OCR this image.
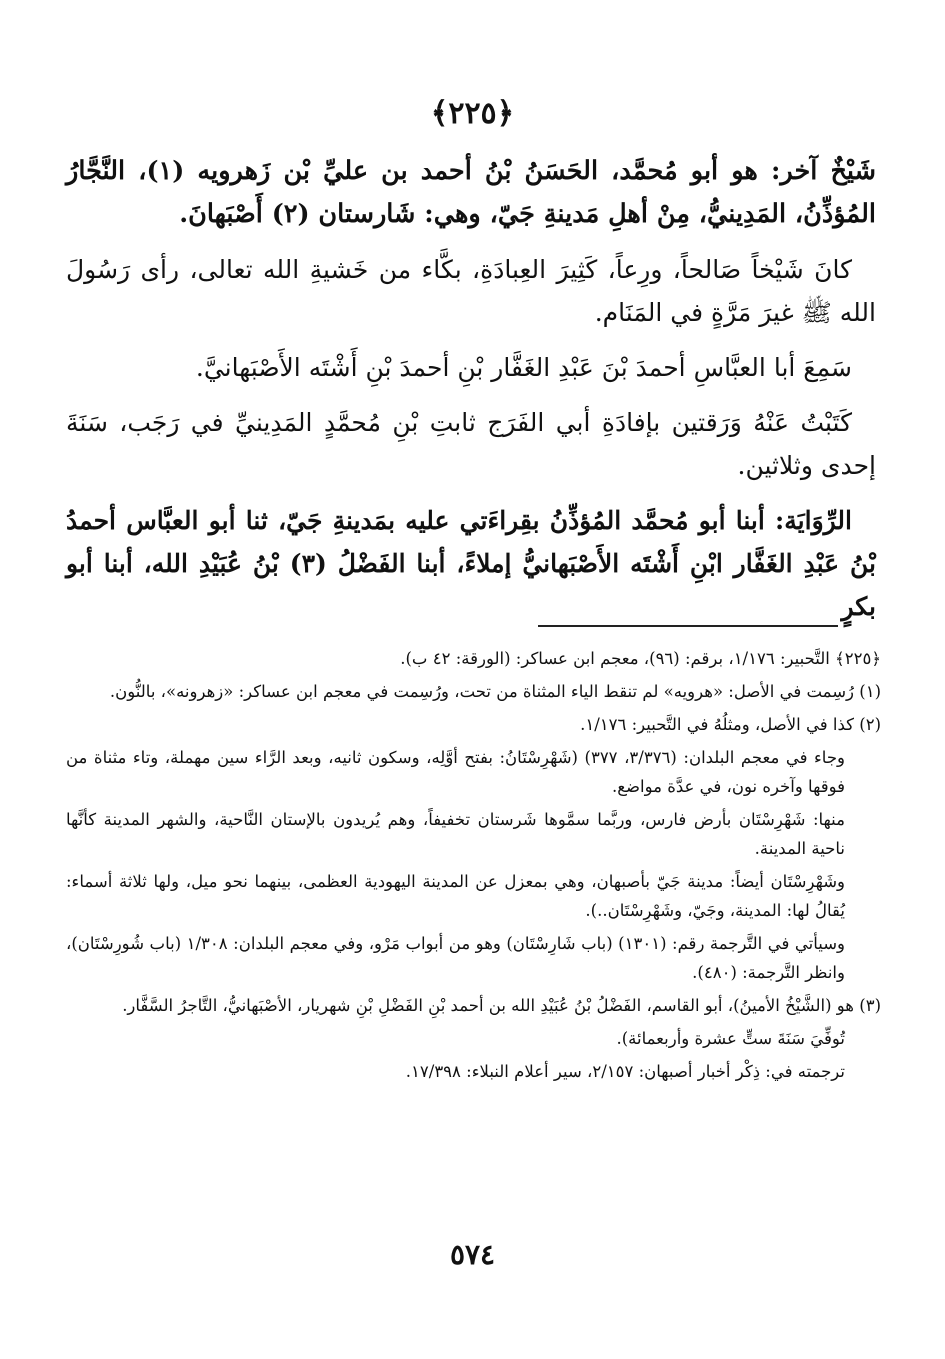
﴿٢٢٥﴾

شَيْخٌ آخر: هو أبو مُحمَّد، الحَسَنُ بْنُ أحمد بن عليِّ بْن زَهرويه (١)، النَّجَّارُ المُؤذِّنُ، المَدِينيُّ، مِنْ أهلِ مَدينةِ جَيّ، وهي: شَارستان (٢) أَصْبَهانَ.

كانَ شَيْخاً صَالحاً، ورِعاً، كَثِيرَ العِبادَةِ، بكَّاء من خَشيةِ الله تعالى، رأى رَسُولَ الله ﷺ غيرَ مَرَّةٍ في المَنَام.

سَمِعَ أبا العبَّاسِ أحمدَ بْنَ عَبْدِ الغَفَّار بْنِ أحمدَ بْنِ أَشْتَه الأَصْبَهانيَّ.

كَتَبْتُ عَنْهُ وَرَقتين بإفادَةِ أبي الفَرَج ثابتِ بْنِ مُحمَّدٍ المَدِينيِّ في رَجَب، سَنَةَ إحدى وثلاثين.

الرِّوَايَة: أبنا أبو مُحمَّد المُؤذِّنُ بقِراءَتي عليه بمَدينةِ جَيّ، ثنا أبو العبَّاس أحمدُ بْنُ عَبْدِ الغَفَّار ابْنِ أَشْتَه الأَصْبَهانيُّ إملاءً، أبنا الفَضْلُ (٣) بْنُ عُبَيْدِ الله، أبنا أبو بكرٍ

﴿٢٢٥﴾ التَّحبير: ١/١٧٦، برقم: (٩٦)، معجم ابن عساكر: (الورقة: ٤٢ ب).

(١) رُسِمت في الأصل: «هرويه» لم تنقط الياء المثناة من تحت، ورُسِمت في معجم ابن عساكر: «زهرونه»، بالنُّون.

(٢) كذا في الأصل، ومثلُهُ في التَّحبير: ١/١٧٦.

وجاء في معجم البلدان: (٣/٣٧٦، ٣٧٧) (شَهْرِسْتَانُ: بفتح أوَّلِه، وسكون ثانيه، وبعد الرَّاء سين مهملة، وتاء مثناة من فوقها وآخره نون، في عدَّة مواضع.

منها: شَهْرِسْتَان بأرض فارس، وربَّما سمَّوها شَرستان تخفيفاً، وهم يُريدون بالإستان النَّاحية، والشهر المدينة كأنَّها ناحية المدينة.

وشَهْرِسْتَان أيضاً: مدينة جَيّ بأصبهان، وهي بمعزل عن المدينة اليهودية العظمى، بينهما نحو ميل، ولها ثلاثة أسماء: يُقالُ لها: المدينة، وجَيّ، وشَهْرِسْتَان..).

وسيأتي في التَّرجمة رقم: (١٣٠١) (باب شَارِسْتَان) وهو من أبواب مَرْو، وفي معجم البلدان: ١/٣٠٨ (باب شُورِسْتَان)، وانظر التَّرجمة: (٤٨٠).

(٣) هو (الشَّيْخُ الأمينُ)، أبو القاسم، الفَضْلُ بْنُ عُبَيْدِ الله بن أحمد بْنِ الفَضْلِ بْنِ شهريار، الأصْبَهانيُّ، التَّاجرُ السَّفَّار.

تُوفِّيَ سَنَةَ ستٍّ عشرة وأربعمائة).

ترجمته في: ذِكْر أخبار أصبهان: ٢/١٥٧، سير أعلام النبلاء: ١٧/٣٩٨.

٥٧٤
